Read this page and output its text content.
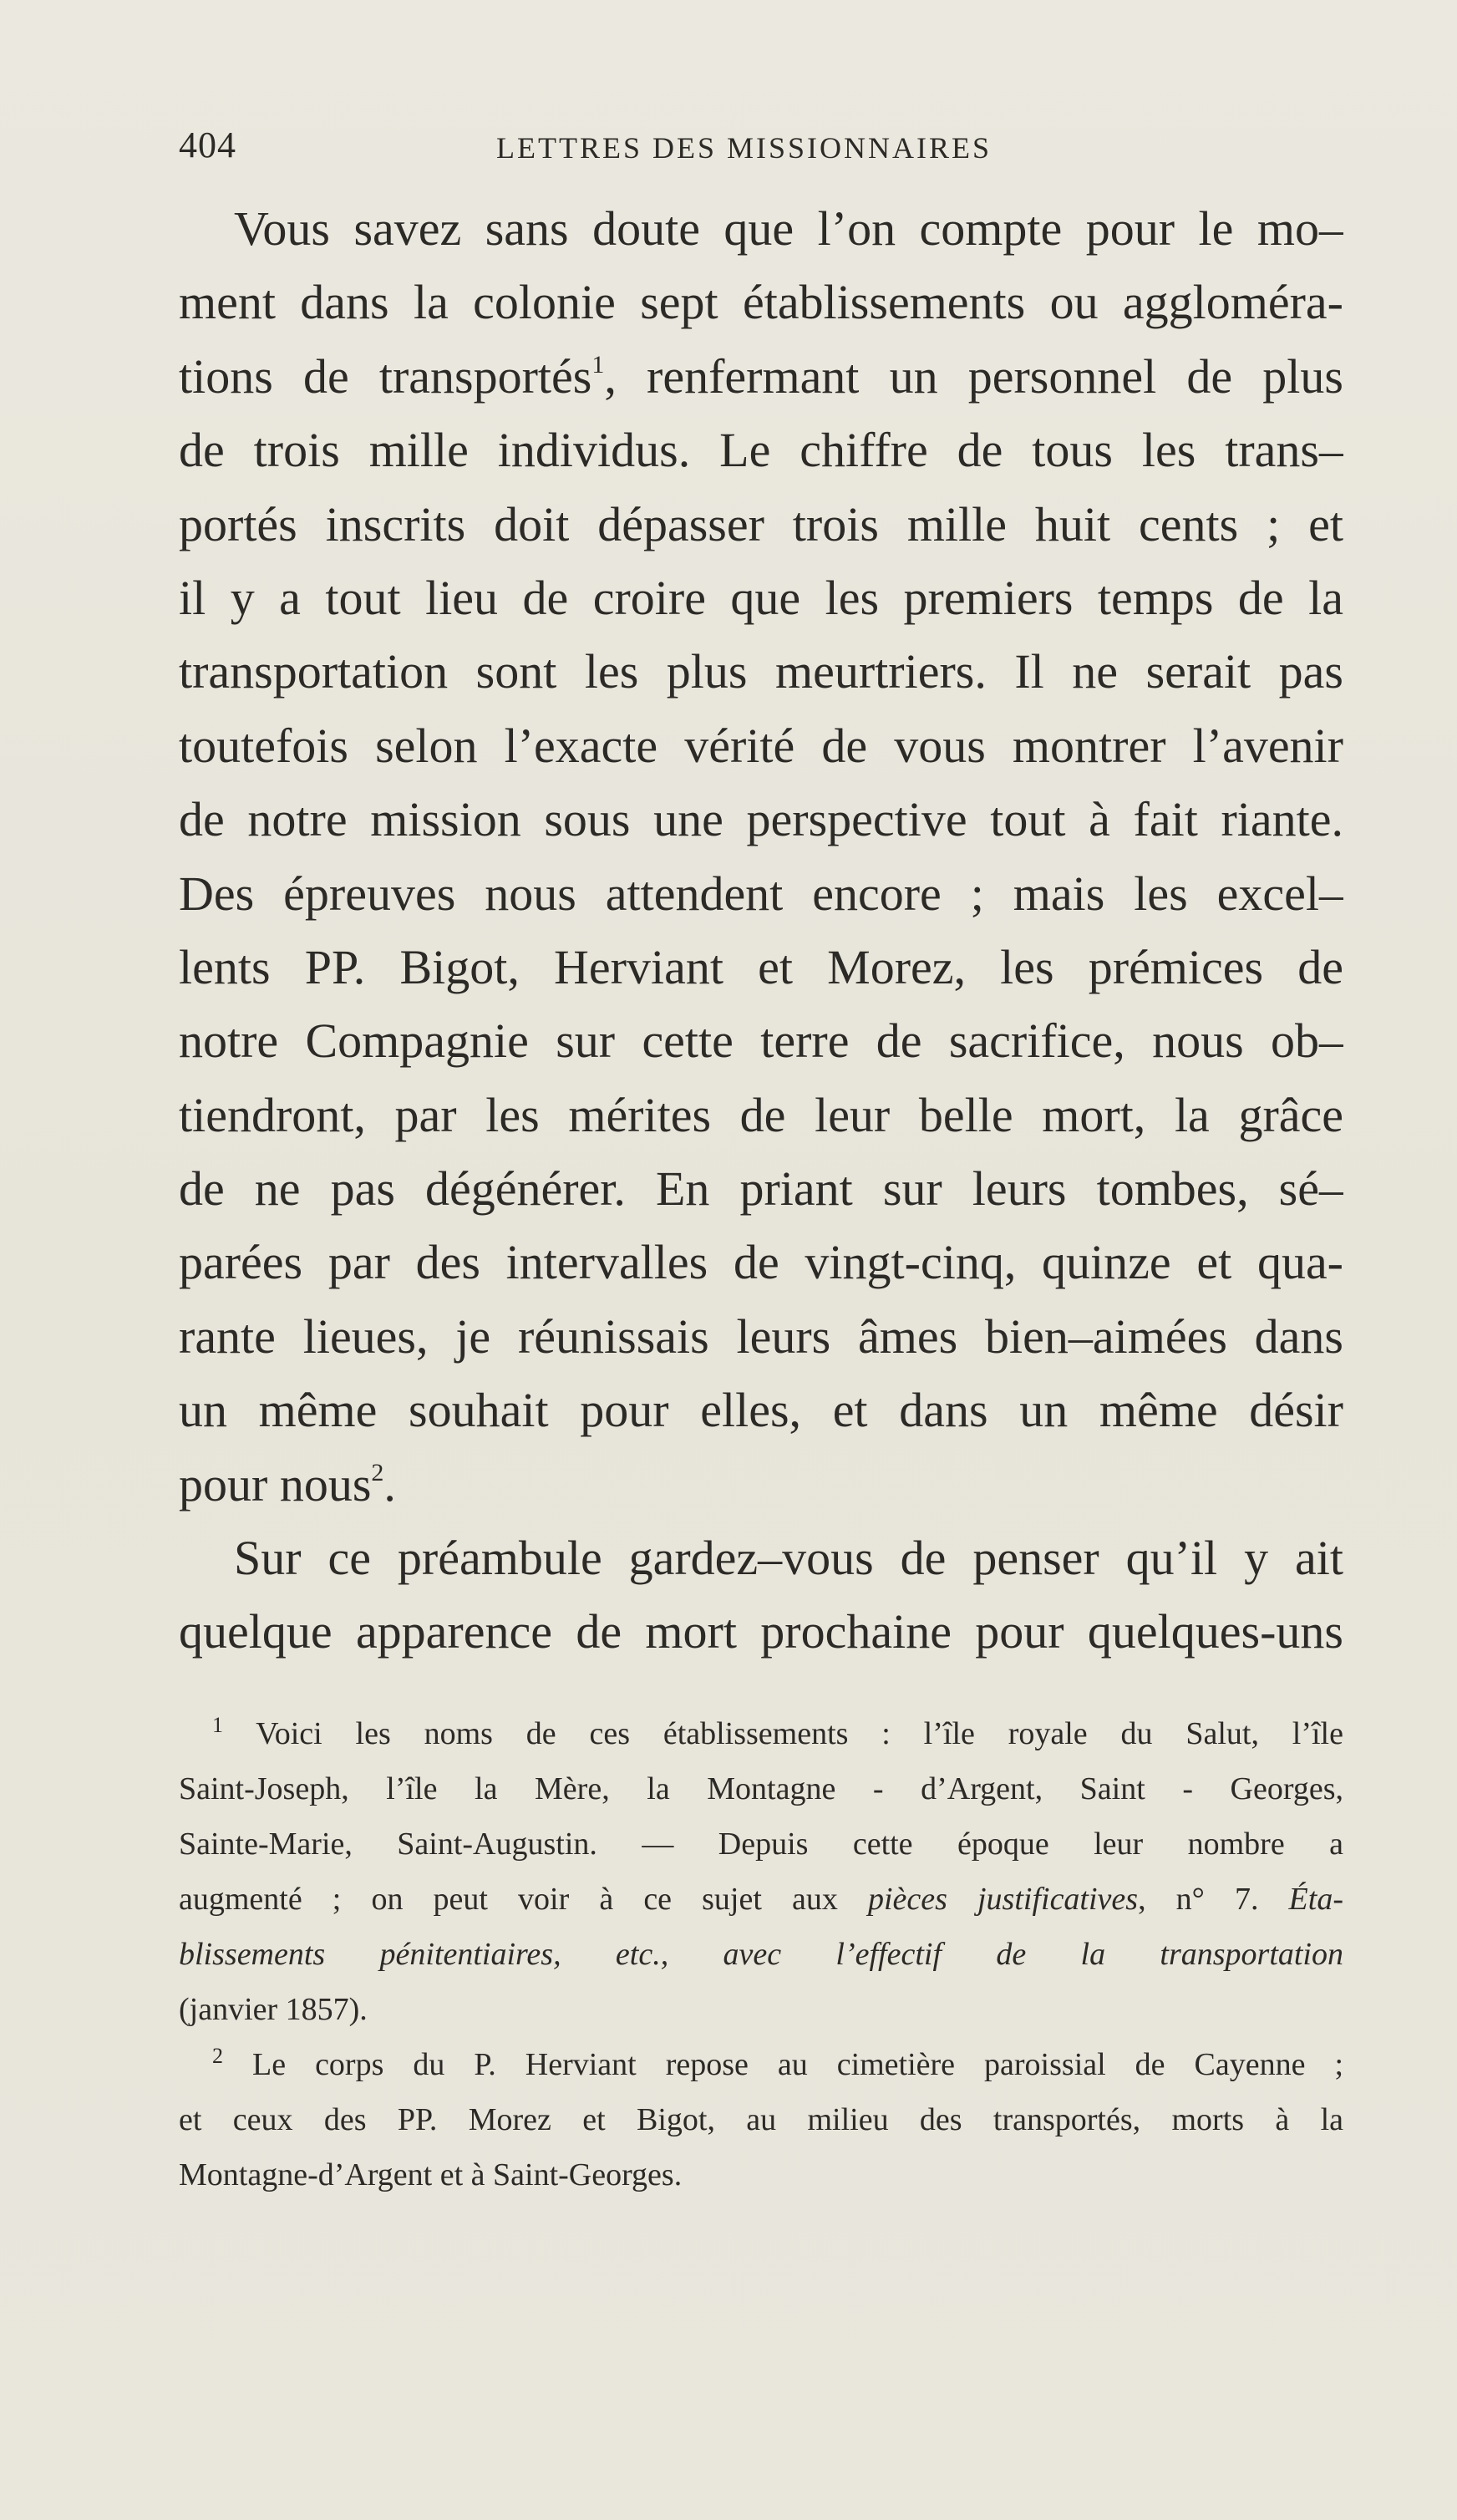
404	LETTRES DES MISSIONNAIRES
Vous savez sans doute que l’on compte pour le mo–
ment dans la colonie sept établissements ou aggloméra-
tions de transportés$^1$, renfermant un personnel de plus
de trois mille individus. Le chiffre de tous les trans–
portés inscrits doit dépasser trois mille huit cents ; et
il y a tout lieu de croire que les premiers temps de la
transportation sont les plus meurtriers. Il ne serait pas
toutefois selon l’exacte vérité de vous montrer l’avenir
de notre mission sous une perspective tout à fait riante.
Des épreuves nous attendent encore ; mais les excel–
lents PP. Bigot, Herviant et Morez, les prémices de
notre Compagnie sur cette terre de sacrifice, nous ob–
tiendront, par les mérites de leur belle mort, la grâce
de ne pas dégénérer. En priant sur leurs tombes, sé–
parées par des intervalles de vingt-cinq, quinze et qua-
rante lieues, je réunissais leurs âmes bien–aimées dans
un même souhait pour elles, et dans un même désir
pour nous$^2$.
Sur ce préambule gardez–vous de penser qu’il y ait
quelque apparence de mort prochaine pour quelques-uns
$^1$ Voici les noms de ces établissements : l’île royale du Salut, l’île
Saint-Joseph, l’île la Mère, la Montagne - d’Argent, Saint - Georges,
Sainte-Marie, Saint-Augustin. — Depuis cette époque leur nombre a
augmenté ; on peut voir à ce sujet aux pièces justificatives, n° 7. Éta-
blissements pénitentiaires, etc., avec l’effectif de la transportation
(janvier 1857).
$^2$ Le corps du P. Herviant repose au cimetière paroissial de Cayenne ;
et ceux des PP. Morez et Bigot, au milieu des transportés, morts à la
Montagne-d’Argent et à Saint-Georges.
